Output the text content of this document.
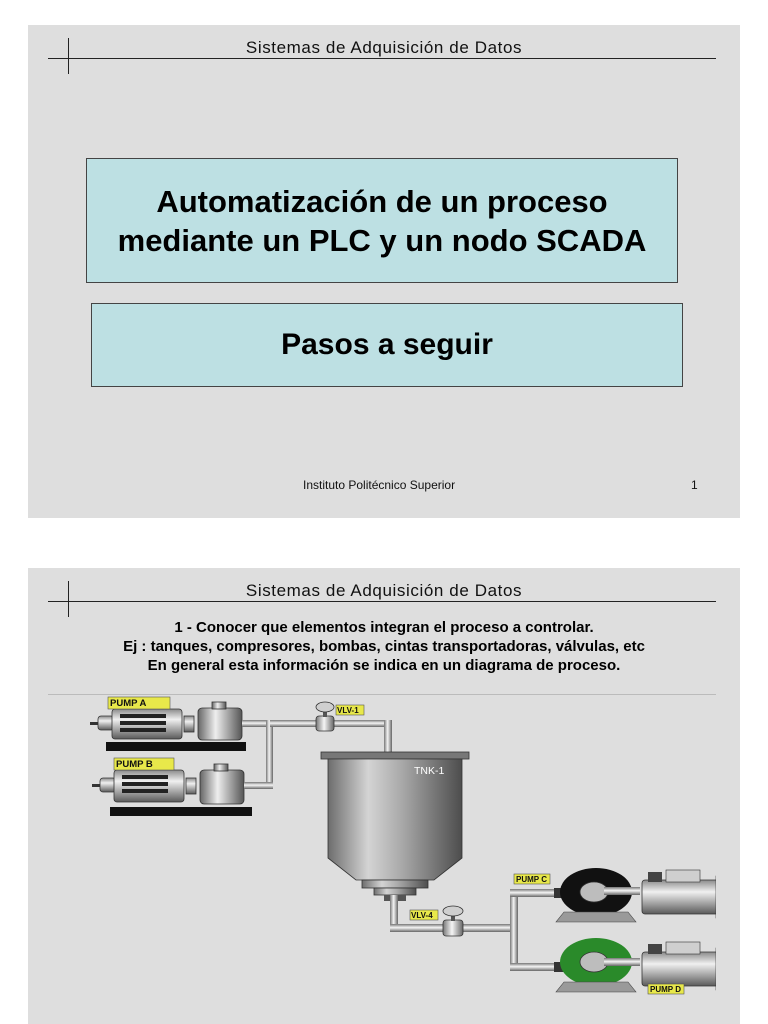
Sistemas de Adquisición de Datos
Automatización de un proceso
mediante un PLC y un nodo SCADA
Pasos a seguir
Instituto Politécnico Superior	1
Sistemas de Adquisición de Datos
1 - Conocer que elementos integran el proceso a controlar.
Ej : tanques, compresores, bombas, cintas transportadoras, válvulas, etc
En general esta información se indica en un diagrama de proceso.
PUMP A
PUMP B
VLV-1
TNK-1
VLV-4
PUMP C
PUMP D
